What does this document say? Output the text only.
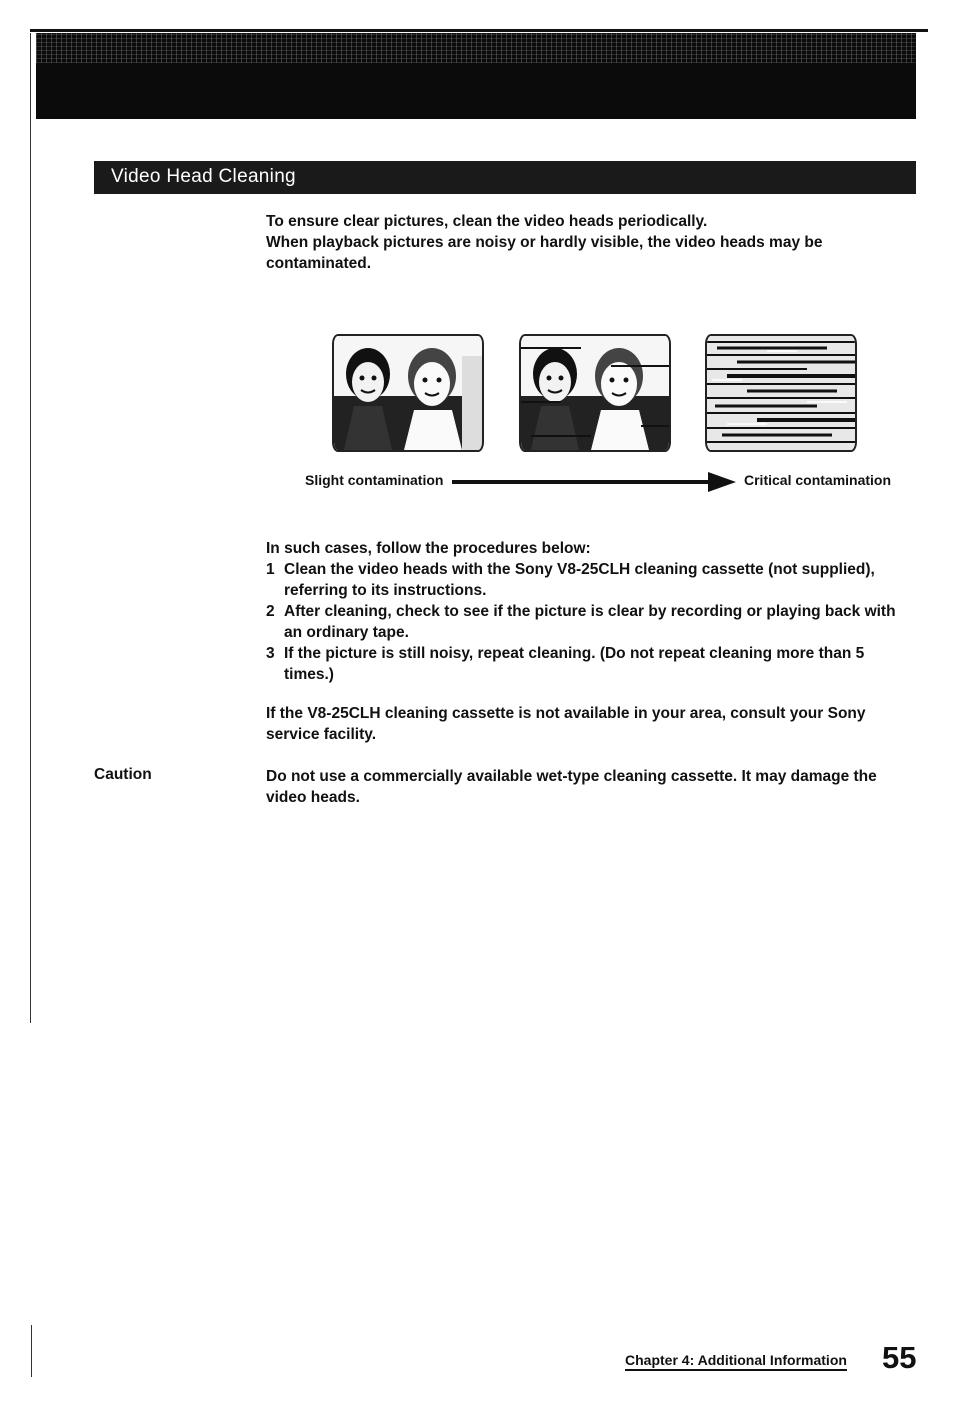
Video Head Cleaning

To ensure clear pictures, clean the video heads periodically.

When playback pictures are noisy or hardly visible, the video heads may be contaminated.

Slight contamination	Critical contamination

In such cases, follow the procedures below:

1 Clean the video heads with the Sony V8-25CLH cleaning cassette (not supplied), referring to its instructions.
2 After cleaning, check to see if the picture is clear by recording or playing back with an ordinary tape.
3 If the picture is still noisy, repeat cleaning. (Do not repeat cleaning more than 5 times.)

If the V8-25CLH cleaning cassette is not available in your area, consult your Sony service facility.

Caution	Do not use a commercially available wet-type cleaning cassette. It may damage the video heads.

Chapter 4: Additional Information 55
